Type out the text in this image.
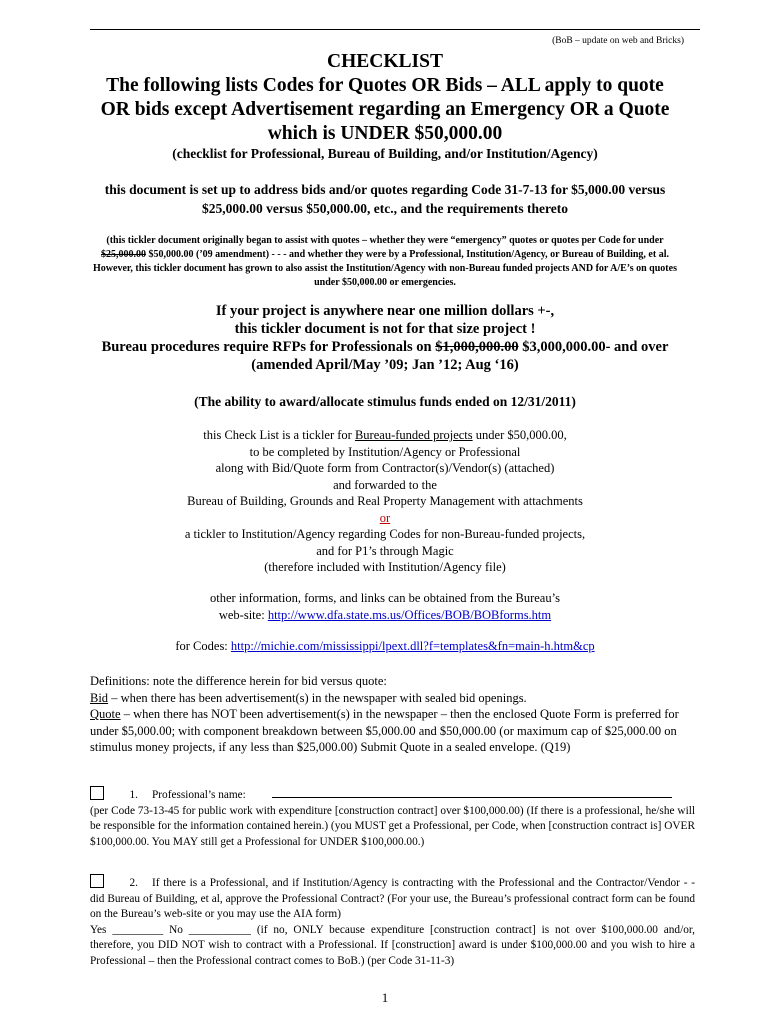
(BoB – update on web and Bricks)
CHECKLIST
The following lists Codes for Quotes OR Bids – ALL apply to quote
OR bids except Advertisement regarding an Emergency OR a Quote
which is UNDER $50,000.00
(checklist for Professional, Bureau of Building, and/or Institution/Agency)
this document is set up to address bids and/or quotes regarding Code 31-7-13 for $5,000.00 versus $25,000.00 versus $50,000.00, etc., and the requirements thereto
(this tickler document originally began to assist with quotes – whether they were “emergency” quotes or quotes per Code for under $25,000.00 $50,000.00 (’09 amendment) - - - and whether they were by a Professional, Institution/Agency, or Bureau of Building, et al. However, this tickler document has grown to also assist the Institution/Agency with non-Bureau funded projects AND for A/E’s on quotes under $50,000.00 or emergencies.
If your project is anywhere near one million dollars +-,
this tickler document is not for that size project !
Bureau procedures require RFPs for Professionals on $1,000,000.00 $3,000,000.00- and over
(amended April/May ’09; Jan ’12; Aug ‘16)
(The ability to award/allocate stimulus funds ended on 12/31/2011)
this Check List is a tickler for Bureau-funded projects under $50,000.00,
to be completed by Institution/Agency or Professional
along with Bid/Quote form from Contractor(s)/Vendor(s) (attached)
and forwarded to the
Bureau of Building, Grounds and Real Property Management with attachments
or
a tickler to Institution/Agency regarding Codes for non-Bureau-funded projects,
and for P1’s through Magic
(therefore included with Institution/Agency file)
other information, forms, and links can be obtained from the Bureau’s
web-site: http://www.dfa.state.ms.us/Offices/BOB/BOBforms.htm
for Codes: http://michie.com/mississippi/lpext.dll?f=templates&fn=main-h.htm&cp
Definitions: note the difference herein for bid versus quote:
Bid – when there has been advertisement(s) in the newspaper with sealed bid openings.
Quote – when there has NOT been advertisement(s) in the newspaper – then the enclosed Quote Form is preferred for under $5,000.00; with component breakdown between $5,000.00 and $50,000.00 (or maximum cap of $25,000.00 on stimulus money projects, if any less than $25,000.00) Submit Quote in a sealed envelope. (Q19)
1. Professional’s name:
(per Code 73-13-45 for public work with expenditure [construction contract] over $100,000.00) (If there is a professional, he/she will be responsible for the information contained herein.) (you MUST get a Professional, per Code, when [construction contract is] OVER $100,000.00. You MAY still get a Professional for UNDER $100,000.00.)
2. If there is a Professional, and if Institution/Agency is contracting with the Professional and the Contractor/Vendor - - did Bureau of Building, et al, approve the Professional Contract? (For your use, the Bureau’s professional contract form can be found on the Bureau’s web-site or you may use the AIA form)
Yes _________ No ___________ (if no, ONLY because expenditure [construction contract] is not over $100,000.00 and/or, therefore, you DID NOT wish to contract with a Professional. If [construction] award is under $100,000.00 and you wish to hire a Professional – then the Professional contract comes to BoB.) (per Code 31-11-3)
1
